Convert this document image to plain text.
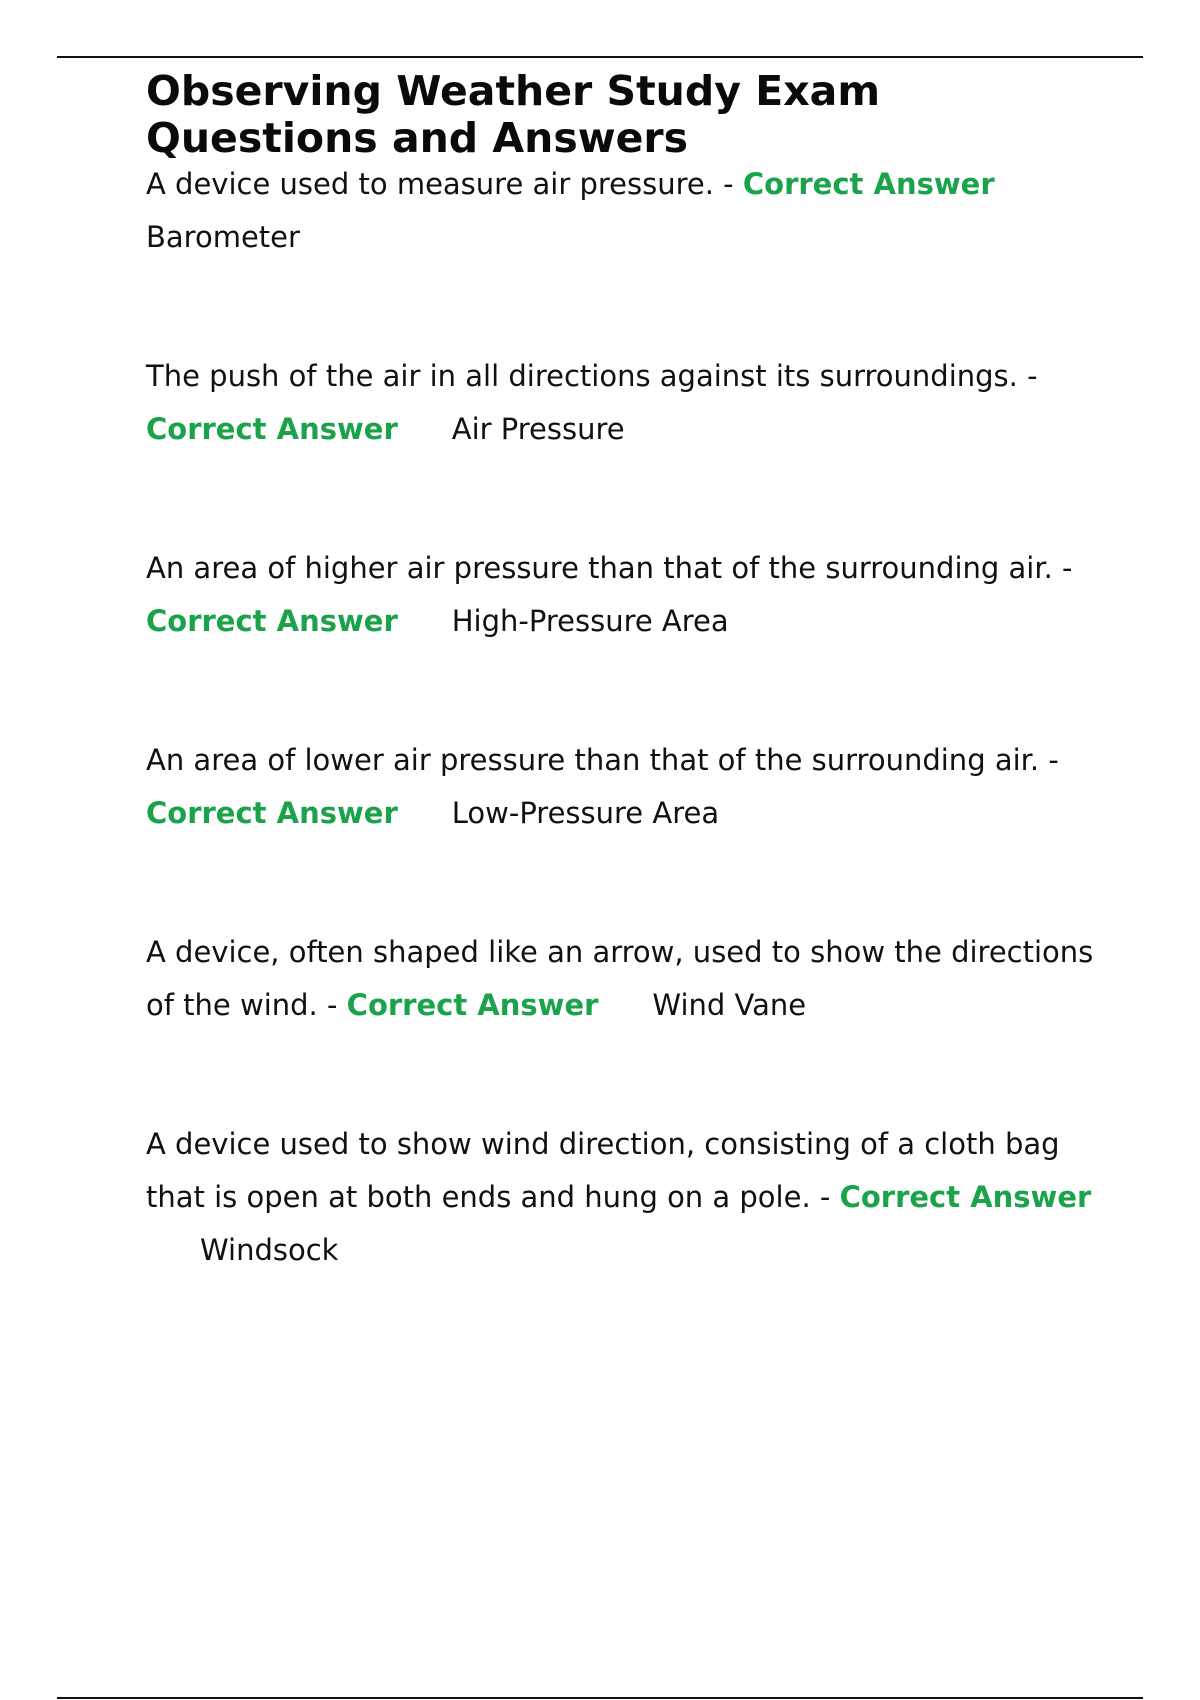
Observing Weather Study Exam
Questions and Answers

A device used to measure air pressure. - Correct Answer
Barometer

The push of the air in all directions against its surroundings. -
Correct Answer Air Pressure

An area of higher air pressure than that of the surrounding air. - Correct Answer High-Pressure Area

An area of lower air pressure than that of the surrounding air. - Correct Answer Low-Pressure Area

A device, often shaped like an arrow, used to show the directions of the wind. - Correct Answer Wind Vane

A device used to show wind direction, consisting of a cloth bag that is open at both ends and hung on a pole. - Correct AnswerWindsock
